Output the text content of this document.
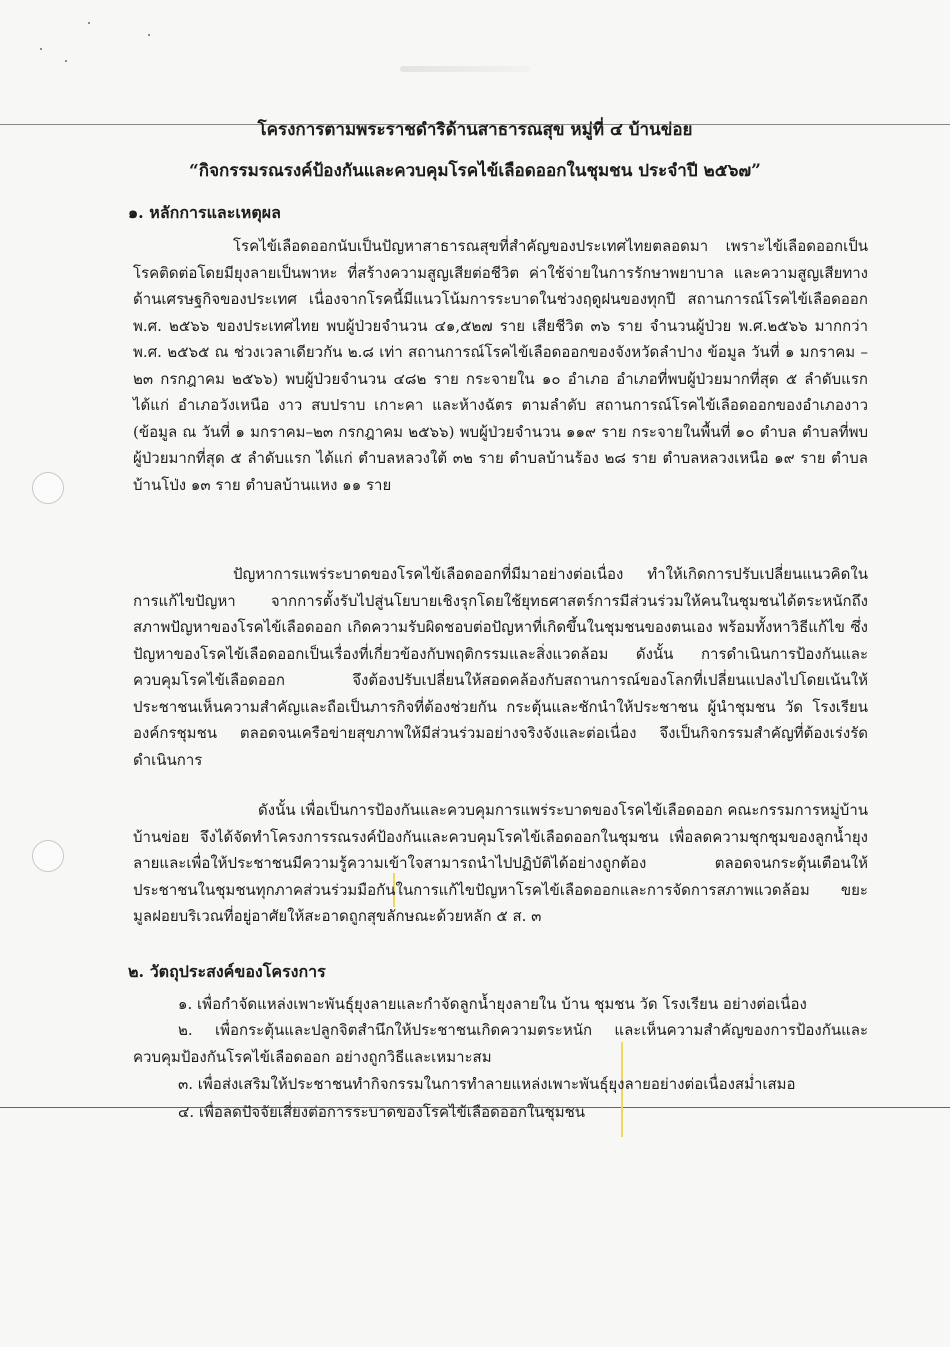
โครงการตามพระราชดำริด้านสาธารณสุข หมู่ที่ ๔ บ้านข่อย
“กิจกรรมรณรงค์ป้องกันและควบคุมโรคไข้เลือดออกในชุมชน ประจำปี ๒๕๖๗”
๑. หลักการและเหตุผล

โรคไข้เลือดออกนับเป็นปัญหาสาธารณสุขที่สำคัญของประเทศไทยตลอดมา เพราะไข้เลือดออกเป็นโรคติดต่อโดยมียุงลายเป็นพาหะ ที่สร้างความสูญเสียต่อชีวิต ค่าใช้จ่ายในการรักษาพยาบาล และความสูญเสียทางด้านเศรษฐกิจของประเทศ เนื่องจากโรคนี้มีแนวโน้มการระบาดในช่วงฤดูฝนของทุกปี สถานการณ์โรคไข้เลือดออก พ.ศ. ๒๕๖๖ ของประเทศไทย พบผู้ป่วยจำนวน ๔๑,๕๒๗ ราย เสียชีวิต ๓๖ ราย จำนวนผู้ป่วย พ.ศ.๒๕๖๖ มากกว่า พ.ศ. ๒๕๖๕ ณ ช่วงเวลาเดียวกัน ๒.๘ เท่า สถานการณ์โรคไข้เลือดออกของจังหวัดลำปาง ข้อมูล วันที่ ๑ มกราคม – ๒๓ กรกฎาคม ๒๕๖๖) พบผู้ป่วยจำนวน ๔๘๒ ราย กระจายใน ๑๐ อำเภอ อำเภอที่พบผู้ป่วยมากที่สุด ๕ ลำดับแรก ได้แก่ อำเภอวังเหนือ งาว สบปราบ เกาะคา และห้างฉัตร ตามลำดับ สถานการณ์โรคไข้เลือดออกของอำเภองาว (ข้อมูล ณ วันที่ ๑ มกราคม–๒๓ กรกฎาคม ๒๕๖๖) พบผู้ป่วยจำนวน ๑๑๙ ราย กระจายในพื้นที่ ๑๐ ตำบล ตำบลที่พบผู้ป่วยมากที่สุด ๕ ลำดับแรก ได้แก่ ตำบลหลวงใต้ ๓๒ ราย ตำบลบ้านร้อง ๒๘ ราย ตำบลหลวงเหนือ ๑๙ ราย ตำบลบ้านโป่ง ๑๓ ราย ตำบลบ้านแหง ๑๑ ราย

ปัญหาการแพร่ระบาดของโรคไข้เลือดออกที่มีมาอย่างต่อเนื่อง ทำให้เกิดการปรับเปลี่ยนแนวคิดในการแก้ไขปัญหา จากการตั้งรับไปสู่นโยบายเชิงรุกโดยใช้ยุทธศาสตร์การมีส่วนร่วมให้คนในชุมชนได้ตระหนักถึงสภาพปัญหาของโรคไข้เลือดออก เกิดความรับผิดชอบต่อปัญหาที่เกิดขึ้นในชุมชนของตนเอง พร้อมทั้งหาวิธีแก้ไข ซึ่งปัญหาของโรคไข้เลือดออกเป็นเรื่องที่เกี่ยวข้องกับพฤติกรรมและสิ่งแวดล้อม ดังนั้น การดำเนินการป้องกันและควบคุมโรคไข้เลือดออก จึงต้องปรับเปลี่ยนให้สอดคล้องกับสถานการณ์ของโลกที่เปลี่ยนแปลงไปโดยเน้นให้ประชาชนเห็นความสำคัญและถือเป็นภารกิจที่ต้องช่วยกัน กระตุ้นและชักนำให้ประชาชน ผู้นำชุมชน วัด โรงเรียน องค์กรชุมชน ตลอดจนเครือข่ายสุขภาพให้มีส่วนร่วมอย่างจริงจังและต่อเนื่อง จึงเป็นกิจกรรมสำคัญที่ต้องเร่งรัดดำเนินการ

ดังนั้น เพื่อเป็นการป้องกันและควบคุมการแพร่ระบาดของโรคไข้เลือดออก คณะกรรมการหมู่บ้าน บ้านข่อย จึงได้จัดทำโครงการรณรงค์ป้องกันและควบคุมโรคไข้เลือดออกในชุมชน เพื่อลดความชุกชุมของลูกน้ำยุงลายและเพื่อให้ประชาชนมีความรู้ความเข้าใจสามารถนำไปปฏิบัติได้อย่างถูกต้อง ตลอดจนกระตุ้นเตือนให้ประชาชนในชุมชนทุกภาคส่วนร่วมมือกันในการแก้ไขปัญหาโรคไข้เลือดออกและการจัดการสภาพแวดล้อม ขยะมูลฝอยบริเวณที่อยู่อาศัยให้สะอาดถูกสุขลักษณะด้วยหลัก ๕ ส. ๓

๒. วัตถุประสงค์ของโครงการ

๑. เพื่อกำจัดแหล่งเพาะพันธุ์ยุงลายและกำจัดลูกน้ำยุงลายใน บ้าน ชุมชน วัด โรงเรียน อย่างต่อเนื่อง

๒. เพื่อกระตุ้นและปลูกจิตสำนึกให้ประชาชนเกิดความตระหนัก และเห็นความสำคัญของการป้องกันและควบคุมป้องกันโรคไข้เลือดออก อย่างถูกวิธีและเหมาะสม

๓. เพื่อส่งเสริมให้ประชาชนทำกิจกรรมในการทำลายแหล่งเพาะพันธุ์ยุงลายอย่างต่อเนื่องสม่ำเสมอ

๔. เพื่อลดปัจจัยเสี่ยงต่อการระบาดของโรคไข้เลือดออกในชุมชน
